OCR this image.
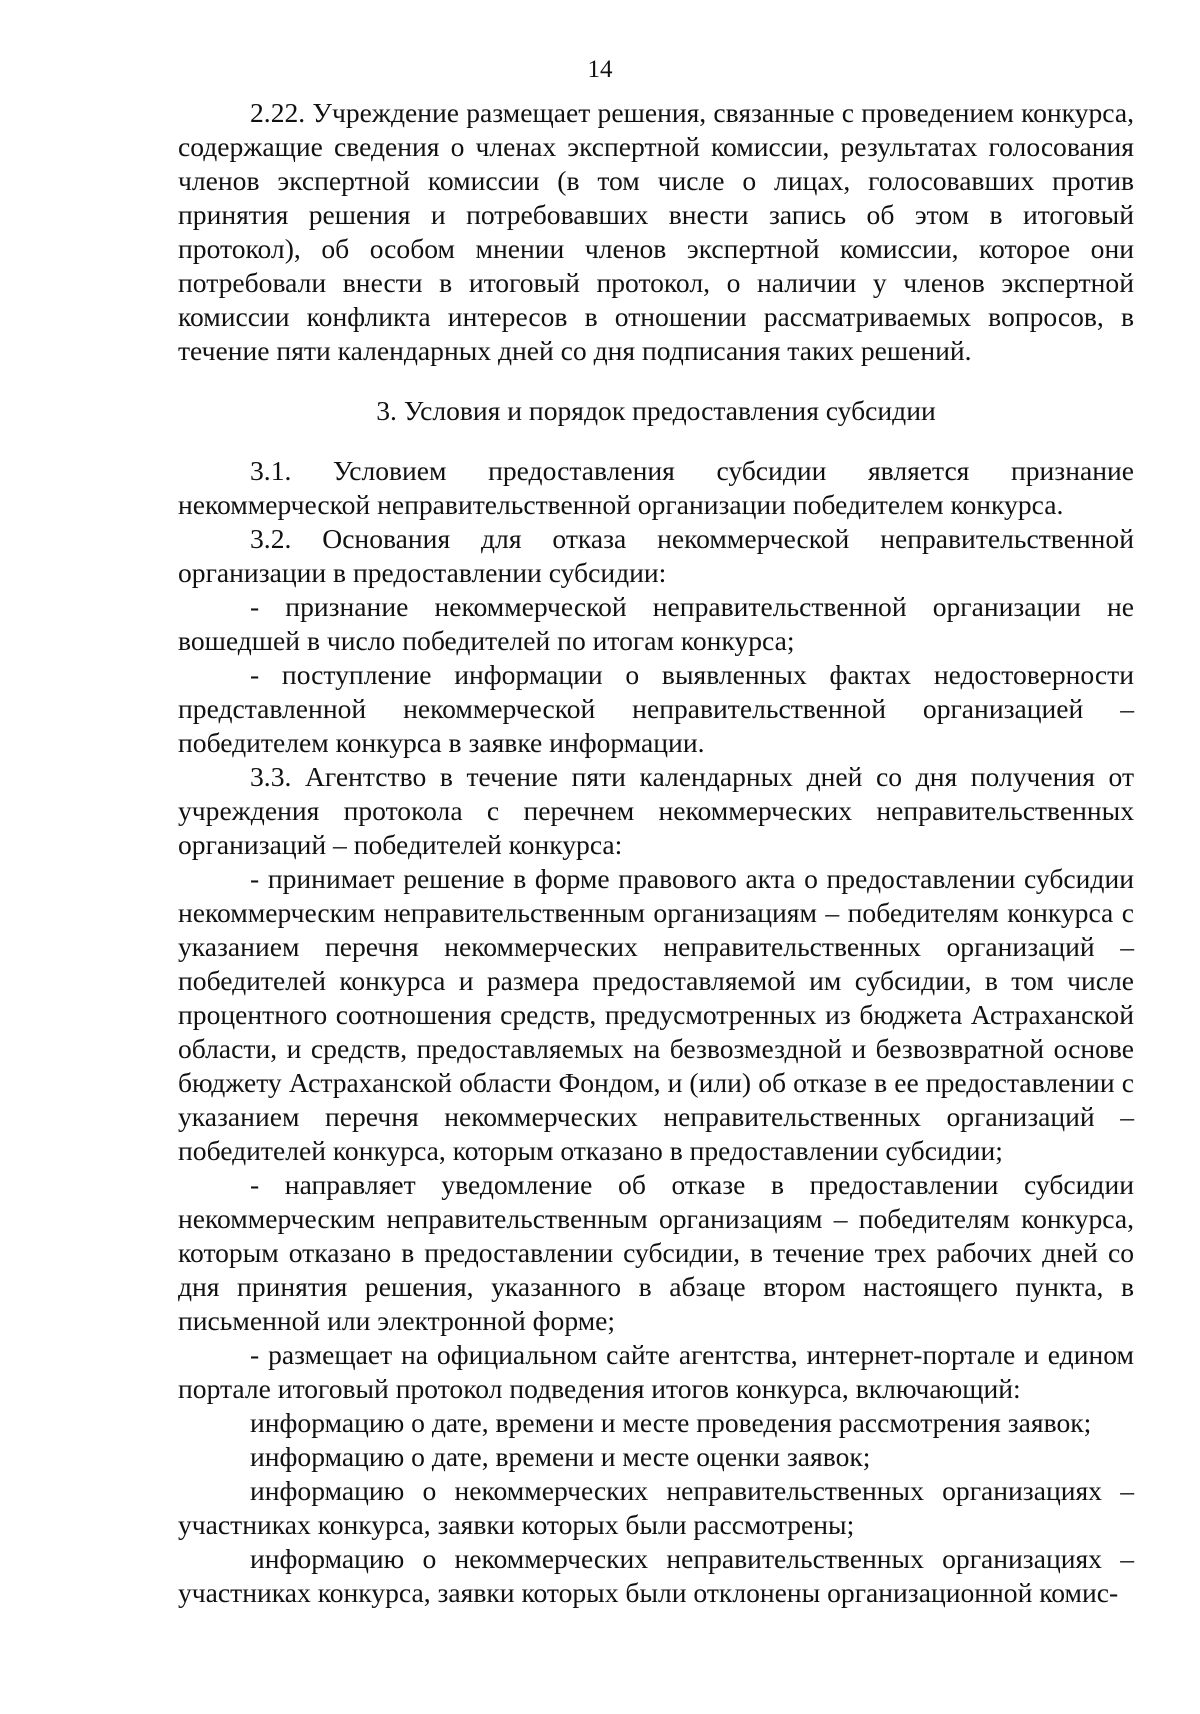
14

2.22. Учреждение размещает решения, связанные с проведением конкурса, содержащие сведения о членах экспертной комиссии, результатах голосования членов экспертной комиссии (в том числе о лицах, голосовавших против принятия решения и потребовавших внести запись об этом в итоговый протокол), об особом мнении членов экспертной комиссии, которое они потребовали внести в итоговый протокол, о наличии у членов экспертной комиссии конфликта интересов в отношении рассматриваемых вопросов, в течение пяти календарных дней со дня подписания таких решений.

3. Условия и порядок предоставления субсидии

3.1. Условием предоставления субсидии является признание некоммерческой неправительственной организации победителем конкурса.

3.2. Основания для отказа некоммерческой неправительственной организации в предоставлении субсидии:

- признание некоммерческой неправительственной организации не вошедшей в число победителей по итогам конкурса;

- поступление информации о выявленных фактах недостоверности представленной некоммерческой неправительственной организацией – победителем конкурса в заявке информации.

3.3. Агентство в течение пяти календарных дней со дня получения от учреждения протокола с перечнем некоммерческих неправительственных организаций – победителей конкурса:

- принимает решение в форме правового акта о предоставлении субсидии некоммерческим неправительственным организациям – победителям конкурса с указанием перечня некоммерческих неправительственных организаций – победителей конкурса и размера предоставляемой им субсидии, в том числе процентного соотношения средств, предусмотренных из бюджета Астраханской области, и средств, предоставляемых на безвозмездной и безвозвратной основе бюджету Астраханской области Фондом, и (или) об отказе в ее предоставлении с указанием перечня некоммерческих неправительственных организаций – победителей конкурса, которым отказано в предоставлении субсидии;

- направляет уведомление об отказе в предоставлении субсидии некоммерческим неправительственным организациям – победителям конкурса, которым отказано в предоставлении субсидии, в течение трех рабочих дней со дня принятия решения, указанного в абзаце втором настоящего пункта, в письменной или электронной форме;

- размещает на официальном сайте агентства, интернет-портале и едином портале итоговый протокол подведения итогов конкурса, включающий:

информацию о дате, времени и месте проведения рассмотрения заявок;

информацию о дате, времени и месте оценки заявок;

информацию о некоммерческих неправительственных организациях – участниках конкурса, заявки которых были рассмотрены;

информацию о некоммерческих неправительственных организациях – участниках конкурса, заявки которых были отклонены организационной комис-
